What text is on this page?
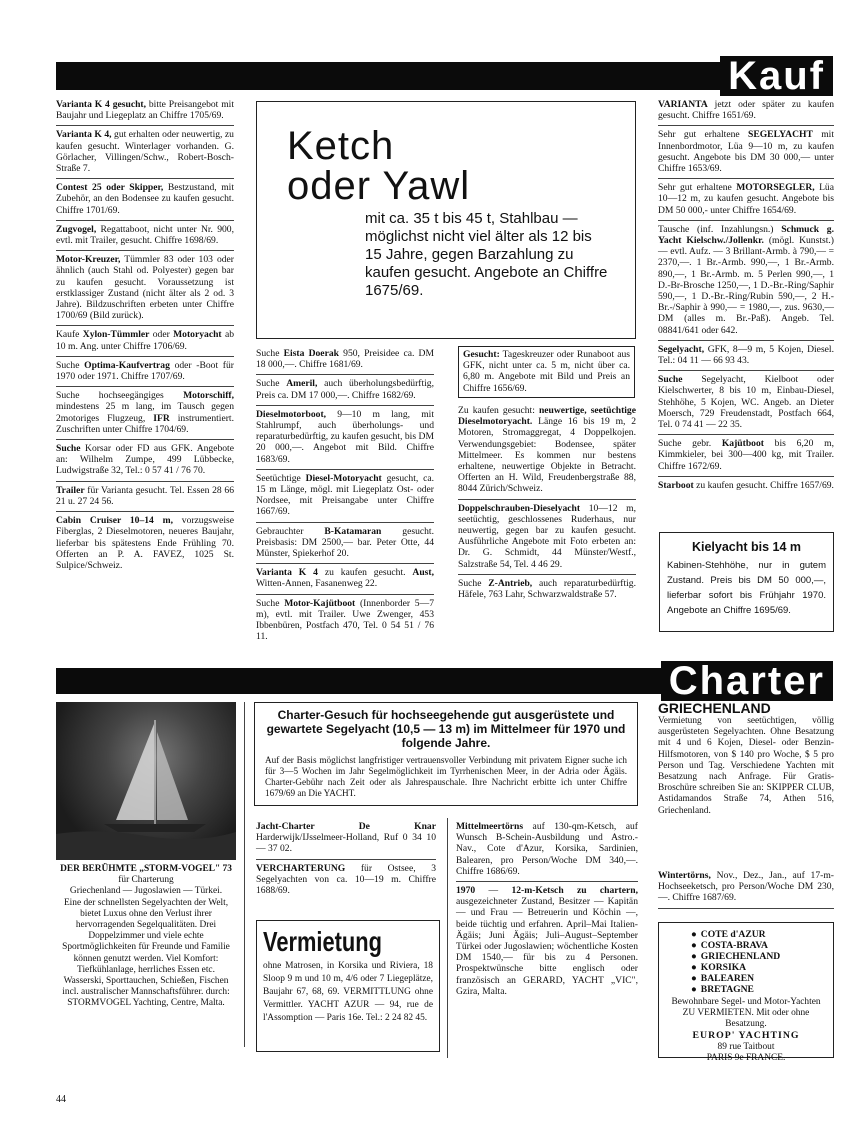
Kauf
Varianta K 4 gesucht, bitte Preisangebot mit Baujahr und Liegeplatz an Chiffre 1705/69.
Varianta K 4, gut erhalten oder neuwertig, zu kaufen gesucht. Winterlager vorhanden. G. Görlacher, Villingen/Schw., Robert-Bosch-Straße 7.
Contest 25 oder Skipper, Bestzustand, mit Zubehör, an den Bodensee zu kaufen gesucht. Chiffre 1701/69.
Zugvogel, Regattaboot, nicht unter Nr. 900, evtl. mit Trailer, gesucht. Chiffre 1698/69.
Motor-Kreuzer, Tümmler 83 oder 103 oder ähnlich (auch Stahl od. Polyester) gegen bar zu kaufen gesucht. Voraussetzung ist erstklassiger Zustand (nicht älter als 2 od. 3 Jahre). Bildzuschriften erbeten unter Chiffre 1700/69 (Bild zurück).
Kaufe Xylon-Tümmler oder Motoryacht ab 10 m. Ang. unter Chiffre 1706/69.
Suche Optima-Kaufvertrag oder -Boot für 1970 oder 1971. Chiffre 1707/69.
Suche hochseegängiges Motorschiff, mindestens 25 m lang, im Tausch gegen 2motoriges Flugzeug, IFR instrumentiert. Zuschriften unter Chiffre 1704/69.
Suche Korsar oder FD aus GFK. Angebote an: Wilhelm Zumpe, 499 Lübbecke, Ludwigstraße 32, Tel.: 0 57 41 / 76 70.
Trailer für Varianta gesucht. Tel. Essen 28 66 21 u. 27 24 56.
Cabin Cruiser 10–14 m, vorzugsweise Fiberglas, 2 Dieselmotoren, neueres Baujahr, lieferbar bis spätestens Ende Frühling 70. Offerten an P. A. FAVEZ, 1025 St. Sulpice/Schweiz.
Ketch
oder Yawl
mit ca. 35 t bis 45 t, Stahlbau — möglichst nicht viel älter als 12 bis 15 Jahre, gegen Barzahlung zu kaufen gesucht. Angebote an Chiffre 1675/69.
Suche Eista Doerak 950, Preisidee ca. DM 18 000,—. Chiffre 1681/69.
Suche Ameril, auch überholungsbedürftig, Preis ca. DM 17 000,—. Chiffre 1682/69.
Dieselmotorboot, 9—10 m lang, mit Stahlrumpf, auch überholungs- und reparaturbedürftig, zu kaufen gesucht, bis DM 20 000,—. Angebot mit Bild. Chiffre 1683/69.
Seetüchtige Diesel-Motoryacht gesucht, ca. 15 m Länge, mögl. mit Liegeplatz Ost- oder Nordsee, mit Preisangabe unter Chiffre 1667/69.
Gebrauchter B-Katamaran gesucht. Preisbasis: DM 2500,— bar. Peter Otte, 44 Münster, Spiekerhof 20.
Varianta K 4 zu kaufen gesucht. Aust, Witten-Annen, Fasanenweg 22.
Suche Motor-Kajütboot (Innenborder 5—7 m), evtl. mit Trailer. Uwe Zwenger, 453 Ibbenbüren, Postfach 470, Tel. 0 54 51 / 76 11.
Gesucht: Tageskreuzer oder Runaboot aus GFK, nicht unter ca. 5 m, nicht über ca. 6,80 m. Angebote mit Bild und Preis an Chiffre 1656/69.
Zu kaufen gesucht: neuwertige, seetüchtige Dieselmotoryacht. Länge 16 bis 19 m, 2 Motoren, Stromaggregat, 4 Doppelkojen. Verwendungsgebiet: Bodensee, später Mittelmeer. Es kommen nur bestens erhaltene, neuwertige Objekte in Betracht. Offerten an H. Wild, Freudenbergstraße 88, 8044 Zürich/Schweiz.
Doppelschrauben-Dieselyacht 10—12 m, seetüchtig, geschlossenes Ruderhaus, nur neuwertig, gegen bar zu kaufen gesucht. Ausführliche Angebote mit Foto erbeten an: Dr. G. Schmidt, 44 Münster/Westf., Salzstraße 54, Tel. 4 46 29.
Suche Z-Antrieb, auch reparaturbedürftig. Häfele, 763 Lahr, Schwarzwaldstraße 57.
VARIANTA jetzt oder später zu kaufen gesucht. Chiffre 1651/69.
Sehr gut erhaltene SEGELYACHT mit Innenbordmotor, Lüa 9—10 m, zu kaufen gesucht. Angebote bis DM 30 000,— unter Chiffre 1653/69.
Sehr gut erhaltene MOTORSEGLER, Lüa 10—12 m, zu kaufen gesucht. Angebote bis DM 50 000,- unter Chiffre 1654/69.
Tausche (inf. Inzahlungsn.) Schmuck g. Yacht Kielschw./Jollenkr. (mögl. Kunstst.) — evtl. Aufz. — 3 Brillant-Armb. à 790,— = 2370,—. 1 Br.-Armb. 990,—, 1 Br.-Armb. 890,—, 1 Br.-Armb. m. 5 Perlen 990,—, 1 D.-Br-Brosche 1250,—, 1 D.-Br.-Ring/Saphir 590,—, 1 D.-Br.-Ring/Rubin 590,—, 2 H.-Br.-/Saphir à 990,— = 1980,—, zus. 9630,— DM (alles m. Br.-Paß). Angeb. Tel. 08841/641 oder 642.
Segelyacht, GFK, 8—9 m, 5 Kojen, Diesel. Tel.: 04 11 — 66 93 43.
Suche Segelyacht, Kielboot oder Kielschwerter, 8 bis 10 m, Einbau-Diesel, Stehhöhe, 5 Kojen, WC. Angeb. an Dieter Moersch, 729 Freudenstadt, Postfach 664, Tel. 0 74 41 — 22 35.
Suche gebr. Kajütboot bis 6,20 m, Kimmkieler, bei 300—400 kg, mit Trailer. Chiffre 1672/69.
Starboot zu kaufen gesucht. Chiffre 1657/69.
Kielyacht bis 14 m
Kabinen-Stehhöhe, nur in gutem Zustand. Preis bis DM 50 000,—, lieferbar sofort bis Frühjahr 1970. Angebote an Chiffre 1695/69.
Charter
DER BERÜHMTE „STORM-VOGEL" 73
für Charterung
Griechenland — Jugoslawien — Türkei.
Eine der schnellsten Segelyachten der Welt, bietet Luxus ohne den Verlust ihrer hervorragenden Segelqualitäten. Drei Doppelzimmer und viele echte Sportmöglichkeiten für Freunde und Familie können genutzt werden. Viel Komfort: Tiefkühlanlage, herrliches Essen etc. Wasserski, Sporttauchen, Schießen, Fischen incl. australischer Mannschaftsführer. durch: STORMVOGEL Yachting, Centre, Malta.
Charter-Gesuch für hochseegehende gut ausgerüstete und gewartete Segelyacht (10,5 — 13 m) im Mittelmeer für 1970 und folgende Jahre.
Auf der Basis möglichst langfristiger vertrauensvoller Verbindung mit privatem Eigner suche ich für 3—5 Wochen im Jahr Segelmöglichkeit im Tyrrhenischen Meer, in der Adria oder Ägäis. Charter-Gebühr nach Zeit oder als Jahrespauschale. Ihre Nachricht erbitte ich unter Chiffre 1679/69 an Die YACHT.
Jacht-Charter De Knar Harderwijk/IJsselmeer-Holland, Ruf 0 34 10 — 37 02.
VERCHARTERUNG für Ostsee, 3 Segelyachten von ca. 10—19 m. Chiffre 1688/69.
Vermietung
ohne Matrosen, in Korsika und Riviera, 18 Sloop 9 m und 10 m, 4/6 oder 7 Liegeplätze, Baujahr 67, 68, 69. VERMITTLUNG ohne Vermittler. YACHT AZUR — 94, rue de l'Assomption — Paris 16e. Tel.: 2 24 82 45.
Mittelmeertörns auf 130-qm-Ketsch, auf Wunsch B-Schein-Ausbildung und Astro.-Nav., Cote d'Azur, Korsika, Sardinien, Balearen, pro Person/Woche DM 340,—. Chiffre 1686/69.
1970 — 12-m-Ketsch zu chartern, ausgezeichneter Zustand, Besitzer — Kapitän — und Frau — Betreuerin und Köchin —, beide tüchtig und erfahren. April–Mai Italien-Ägäis; Juni Ägäis; Juli–August–September Türkei oder Jugoslawien; wöchentliche Kosten DM 1540,— für bis zu 4 Personen. Prospektwünsche bitte englisch oder französisch an GERARD, YACHT „VIC", Gzira, Malta.
GRIECHENLAND
Vermietung von seetüchtigen, völlig ausgerüsteten Segelyachten. Ohne Besatzung mit 4 und 6 Kojen, Diesel- oder Benzin-Hilfsmotoren, von $ 140 pro Woche, $ 5 pro Person und Tag. Verschiedene Yachten mit Besatzung nach Anfrage. Für Gratis-Broschüre schreiben Sie an: SKIPPER CLUB, Astidamandos Straße 74, Athen 516, Griechenland.
Wintertörns, Nov., Dez., Jan., auf 17-m-Hochseeketsch, pro Person/Woche DM 230,—. Chiffre 1687/69.
● COTE d'AZUR
● COSTA-BRAVA
● GRIECHENLAND
● KORSIKA
● BALEAREN
● BRETAGNE
Bewohnbare Segel- und Motor-Yachten ZU VERMIETEN. Mit oder ohne Besatzung.
EUROP' YACHTING
89 rue Taitbout
PARIS 9e FRANCE.
44
